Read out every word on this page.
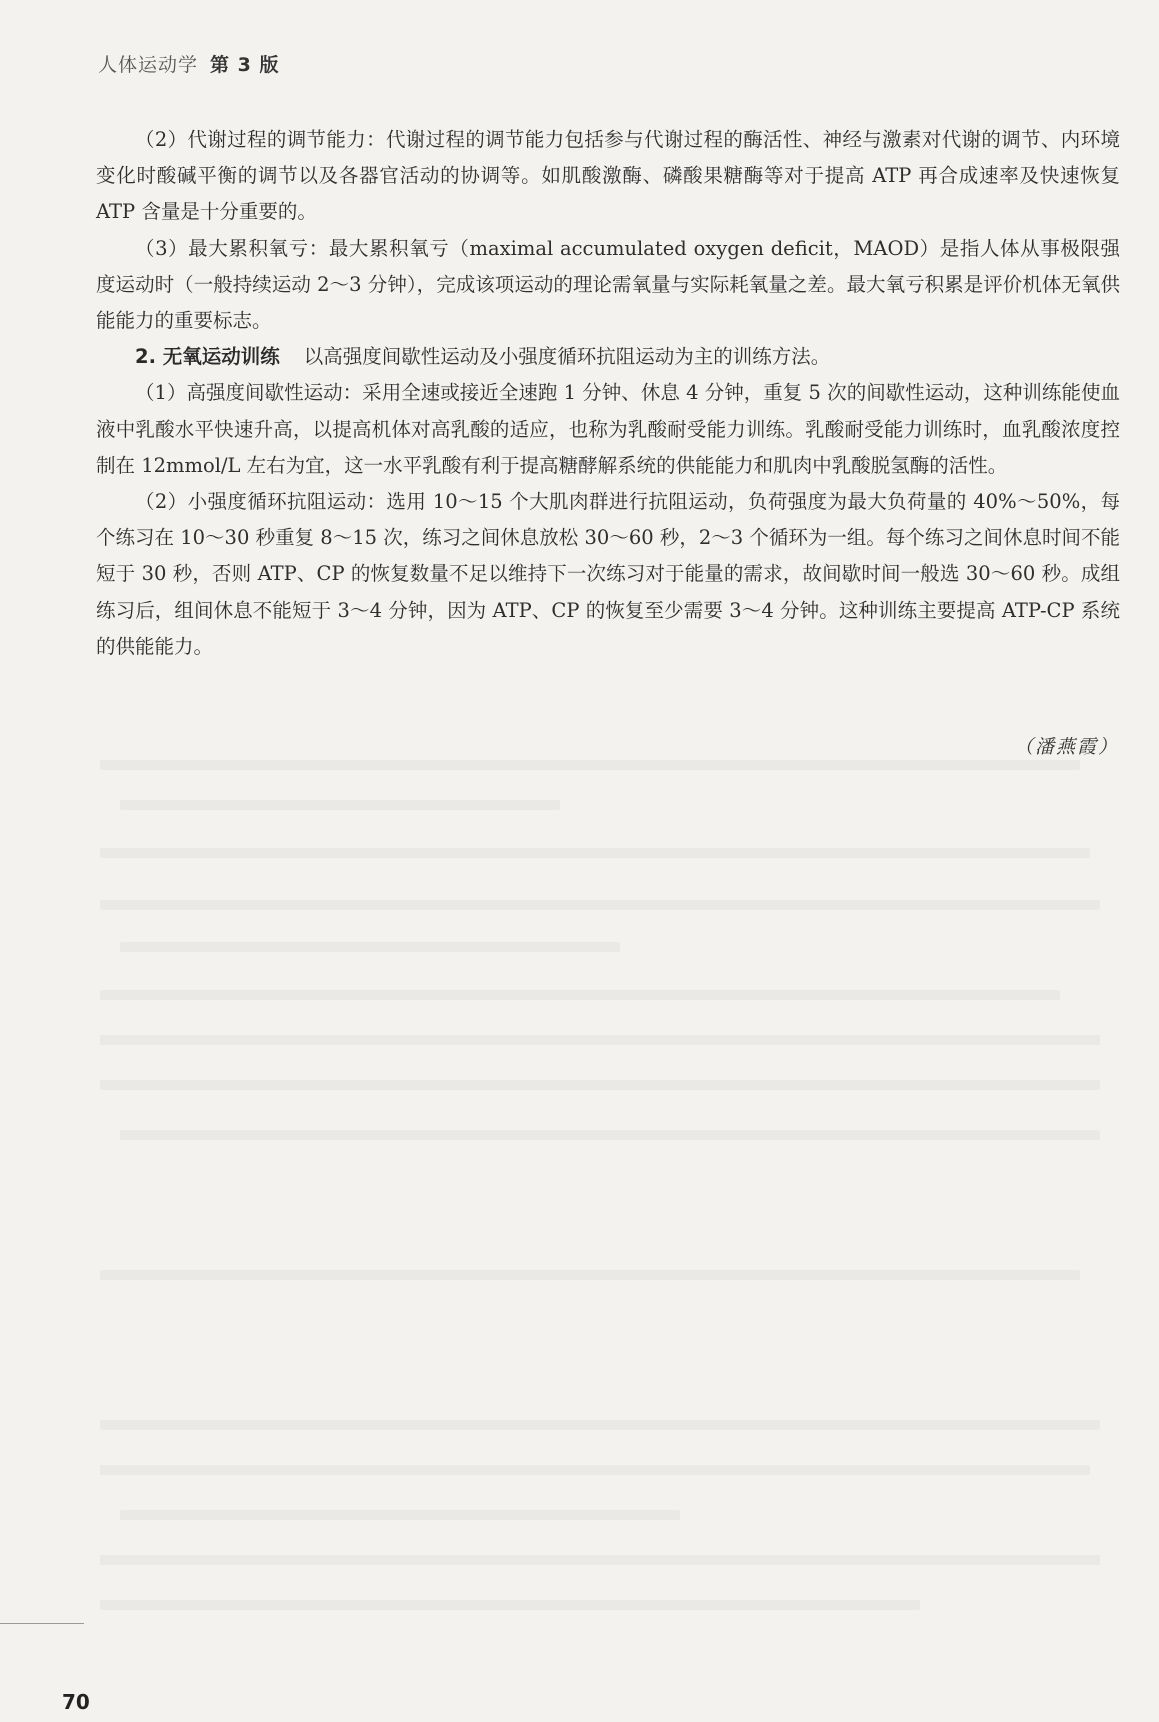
人体运动学 第 3 版

（2）代谢过程的调节能力：代谢过程的调节能力包括参与代谢过程的酶活性、神经与激素对代谢的调节、内环境变化时酸碱平衡的调节以及各器官活动的协调等。如肌酸激酶、磷酸果糖酶等对于提高 ATP 再合成速率及快速恢复 ATP 含量是十分重要的。

（3）最大累积氧亏：最大累积氧亏（maximal accumulated oxygen deficit，MAOD）是指人体从事极限强度运动时（一般持续运动 2～3 分钟），完成该项运动的理论需氧量与实际耗氧量之差。最大氧亏积累是评价机体无氧供能能力的重要标志。

2. 无氧运动训练 以高强度间歇性运动及小强度循环抗阻运动为主的训练方法。

（1）高强度间歇性运动：采用全速或接近全速跑 1 分钟、休息 4 分钟，重复 5 次的间歇性运动，这种训练能使血液中乳酸水平快速升高，以提高机体对高乳酸的适应，也称为乳酸耐受能力训练。乳酸耐受能力训练时，血乳酸浓度控制在 12mmol/L 左右为宜，这一水平乳酸有利于提高糖酵解系统的供能能力和肌肉中乳酸脱氢酶的活性。

（2）小强度循环抗阻运动：选用 10～15 个大肌肉群进行抗阻运动，负荷强度为最大负荷量的 40%～50%，每个练习在 10～30 秒重复 8～15 次，练习之间休息放松 30～60 秒，2～3 个循环为一组。每个练习之间休息时间不能短于 30 秒，否则 ATP、CP 的恢复数量不足以维持下一次练习对于能量的需求，故间歇时间一般选 30～60 秒。成组练习后，组间休息不能短于 3～4 分钟，因为 ATP、CP 的恢复至少需要 3～4 分钟。这种训练主要提高 ATP-CP 系统的供能能力。

（潘燕霞）
70
